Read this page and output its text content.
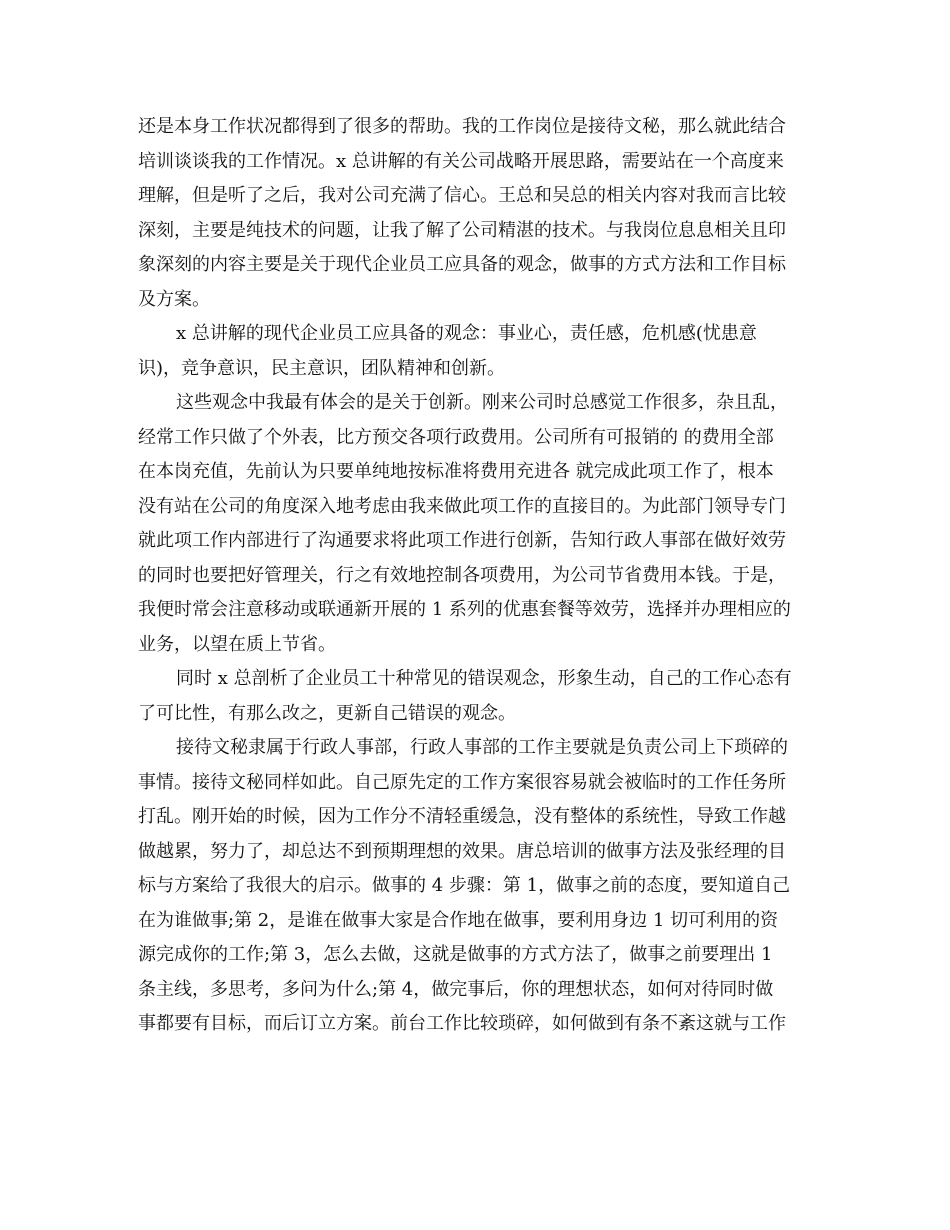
还是本身工作状况都得到了很多的帮助。我的工作岗位是接待文秘，那么就此结合
培训谈谈我的工作情况。x 总讲解的有关公司战略开展思路，需要站在一个高度来
理解，但是听了之后，我对公司充满了信心。王总和吴总的相关内容对我而言比较
深刻，主要是纯技术的问题，让我了解了公司精湛的技术。与我岗位息息相关且印
象深刻的内容主要是关于现代企业员工应具备的观念，做事的方式方法和工作目标
及方案。
x 总讲解的现代企业员工应具备的观念：事业心，责任感，危机感(忧患意
识)，竞争意识，民主意识，团队精神和创新。
这些观念中我最有体会的是关于创新。刚来公司时总感觉工作很多，杂且乱，
经常工作只做了个外表，比方预交各项行政费用。公司所有可报销的 的费用全部
在本岗充值，先前认为只要单纯地按标准将费用充进各 就完成此项工作了，根本
没有站在公司的角度深入地考虑由我来做此项工作的直接目的。为此部门领导专门
就此项工作内部进行了沟通要求将此项工作进行创新，告知行政人事部在做好效劳
的同时也要把好管理关，行之有效地控制各项费用，为公司节省费用本钱。于是，
我便时常会注意移动或联通新开展的 1 系列的优惠套餐等效劳，选择并办理相应的
业务，以望在质上节省。
同时 x 总剖析了企业员工十种常见的错误观念，形象生动，自己的工作心态有
了可比性，有那么改之，更新自己错误的观念。
接待文秘隶属于行政人事部，行政人事部的工作主要就是负责公司上下琐碎的
事情。接待文秘同样如此。自己原先定的工作方案很容易就会被临时的工作任务所
打乱。刚开始的时候，因为工作分不清轻重缓急，没有整体的系统性，导致工作越
做越累，努力了，却总达不到预期理想的效果。唐总培训的做事方法及张经理的目
标与方案给了我很大的启示。做事的 4 步骤：第 1，做事之前的态度，要知道自己
在为谁做事;第 2，是谁在做事大家是合作地在做事，要利用身边 1 切可利用的资
源完成你的工作;第 3，怎么去做，这就是做事的方式方法了，做事之前要理出 1
条主线，多思考，多问为什么;第 4，做完事后，你的理想状态，如何对待同时做
事都要有目标，而后订立方案。前台工作比较琐碎，如何做到有条不紊这就与工作
